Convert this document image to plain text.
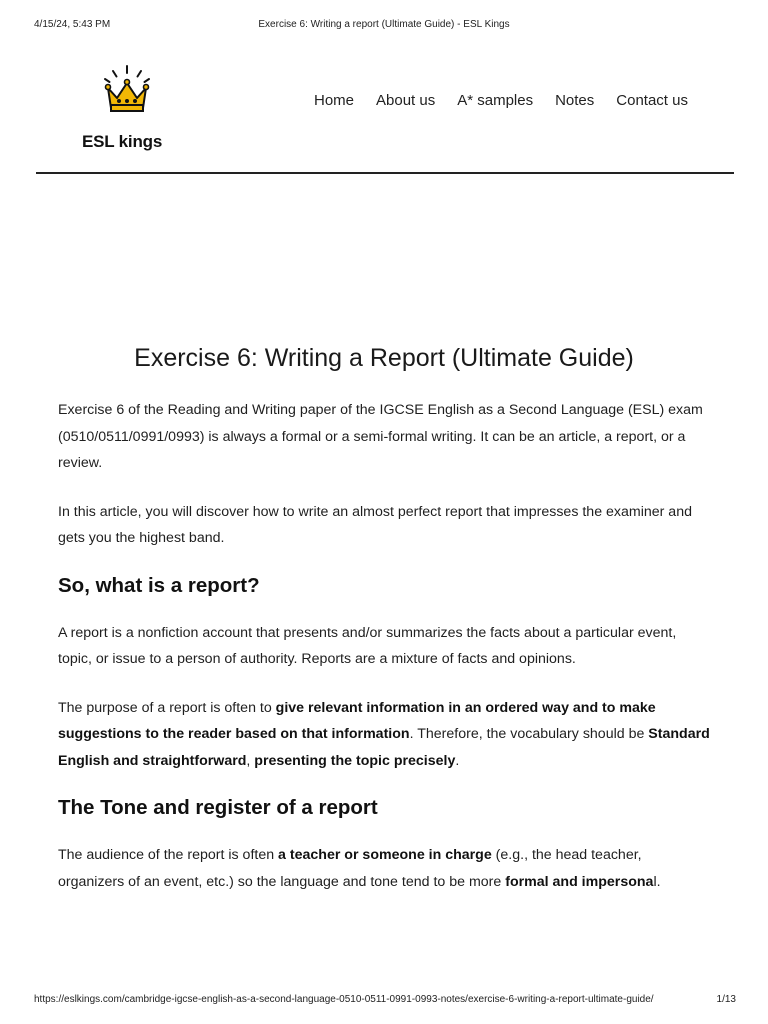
4/15/24, 5:43 PM	Exercise 6: Writing a report (Ultimate Guide) - ESL Kings
ESL kings
Home About us A* samples Notes Contact us
Exercise 6: Writing a Report (Ultimate Guide)

Exercise 6 of the Reading and Writing paper of the IGCSE English as a Second Language (ESL) exam (0510/0511/0991/0993) is always a formal or a semi-formal writing. It can be an article, a report, or a review.

In this article, you will discover how to write an almost perfect report that impresses the examiner and gets you the highest band.

So, what is a report?

A report is a nonfiction account that presents and/or summarizes the facts about a particular event, topic, or issue to a person of authority. Reports are a mixture of facts and opinions.

The purpose of a report is often to give relevant information in an ordered way and to make suggestions to the reader based on that information. Therefore, the vocabulary should be Standard English and straightforward, presenting the topic precisely.

The Tone and register of a report

The audience of the report is often a teacher or someone in charge (e.g., the head teacher, organizers of an event, etc.) so the language and tone tend to be more formal and impersonal.

https://eslkings.com/cambridge-igcse-english-as-a-second-language-0510-0511-0991-0993-notes/exercise-6-writing-a-report-ultimate-guide/	1/13
